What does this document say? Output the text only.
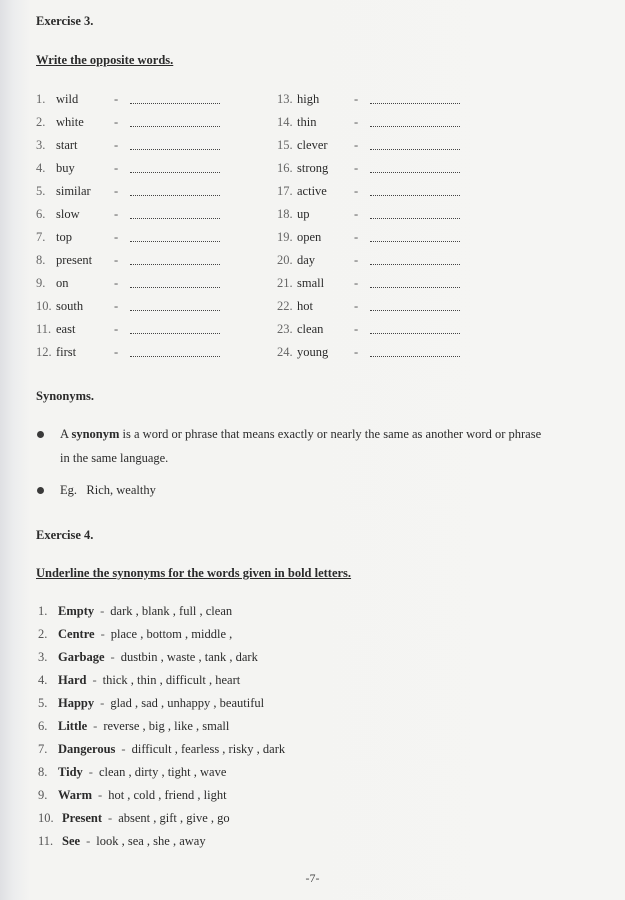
Exercise 3.
Write the opposite words.
1. wild	-
2. white	-
3. start	-
4. buy	-
5. similar	-
6. slow	-
7. top	-
8. present	-
9. on	-
10. south	-
11. east	-
12. first	-
13. high	-
14. thin	-
15. clever	-
16. strong	-
17. active	-
18. up	-
19. open	-
20. day	-
21. small	-
22. hot	-
23. clean	-
24. young	-
Synonyms.
A synonym is a word or phrase that means exactly or nearly the same as another word or phrase
in the same language.
Eg. Rich, wealthy
Exercise 4.
Underline the synonyms for the words given in bold letters.
1. Empty - dark , blank , full , clean
2. Centre - place , bottom , middle ,
3. Garbage - dustbin , waste , tank , dark
4. Hard - thick , thin , difficult , heart
5. Happy - glad , sad , unhappy , beautiful
6. Little - reverse , big , like , small
7. Dangerous - difficult , fearless , risky , dark
8. Tidy - clean , dirty , tight , wave
9. Warm - hot , cold , friend , light
10. Present - absent , gift , give , go
11. See - look , sea , she , away
-7-
